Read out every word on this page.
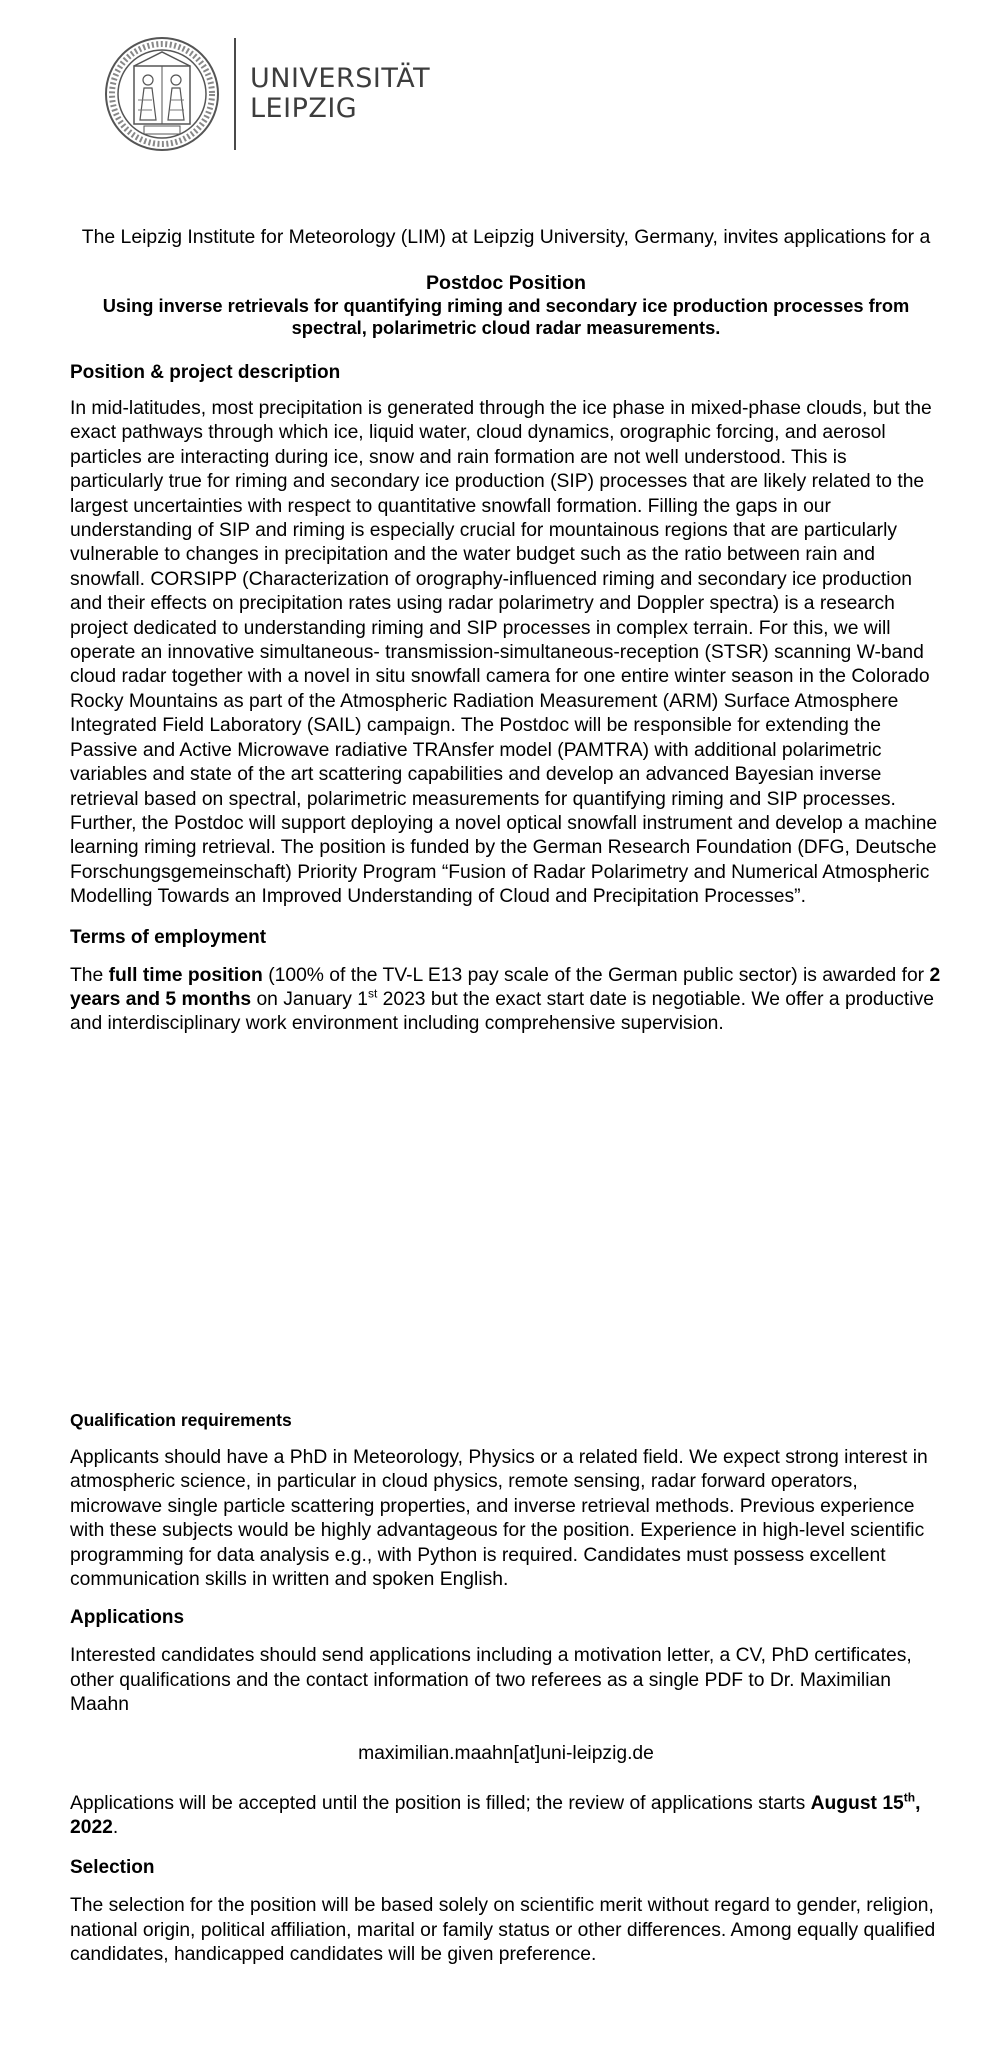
UNIVERSITÄT
LEIPZIG

The Leipzig Institute for Meteorology (LIM) at Leipzig University, Germany, invites applications for a

Postdoc Position

Using inverse retrievals for quantifying riming and secondary ice production processes from spectral, polarimetric cloud radar measurements.

Position & project description

In mid-latitudes, most precipitation is generated through the ice phase in mixed-phase clouds, but the exact pathways through which ice, liquid water, cloud dynamics, orographic forcing, and aerosol particles are interacting during ice, snow and rain formation are not well understood. This is particularly true for riming and secondary ice production (SIP) processes that are likely related to the largest uncertainties with respect to quantitative snowfall formation. Filling the gaps in our understanding of SIP and riming is especially crucial for mountainous regions that are particularly vulnerable to changes in precipitation and the water budget such as the ratio between rain and snowfall. CORSIPP (Characterization of orography-influenced riming and secondary ice production and their effects on precipitation rates using radar polarimetry and Doppler spectra) is a research project dedicated to understanding riming and SIP processes in complex terrain. For this, we will operate an innovative simultaneous- transmission-simultaneous-reception (STSR) scanning W-band cloud radar together with a novel in situ snowfall camera for one entire winter season in the Colorado Rocky Mountains as part of the Atmospheric Radiation Measurement (ARM) Surface Atmosphere Integrated Field Laboratory (SAIL) campaign. The Postdoc will be responsible for extending the Passive and Active Microwave radiative TRAnsfer model (PAMTRA) with additional polarimetric variables and state of the art scattering capabilities and develop an advanced Bayesian inverse retrieval based on spectral, polarimetric measurements for quantifying riming and SIP processes. Further, the Postdoc will support deploying a novel optical snowfall instrument and develop a machine learning riming retrieval. The position is funded by the German Research Foundation (DFG, Deutsche Forschungsgemeinschaft) Priority Program “Fusion of Radar Polarimetry and Numerical Atmospheric Modelling Towards an Improved Understanding of Cloud and Precipitation Processes”.

Terms of employment

The full time position (100% of the TV-L E13 pay scale of the German public sector) is awarded for 2 years and 5 months on January 1st 2023 but the exact start date is negotiable. We offer a productive and interdisciplinary work environment including comprehensive supervision.

Qualification requirements

Applicants should have a PhD in Meteorology, Physics or a related field. We expect strong interest in atmospheric science, in particular in cloud physics, remote sensing, radar forward operators, microwave single particle scattering properties, and inverse retrieval methods. Previous experience with these subjects would be highly advantageous for the position. Experience in high-level scientific programming for data analysis e.g., with Python is required. Candidates must possess excellent communication skills in written and spoken English.

Applications

Interested candidates should send applications including a motivation letter, a CV, PhD certificates, other qualifications and the contact information of two referees as a single PDF to Dr. Maximilian Maahn

maximilian.maahn[at]uni-leipzig.de

Applications will be accepted until the position is filled; the review of applications starts August 15th, 2022.

Selection

The selection for the position will be based solely on scientific merit without regard to gender, religion, national origin, political affiliation, marital or family status or other differences. Among equally qualified candidates, handicapped candidates will be given preference.
